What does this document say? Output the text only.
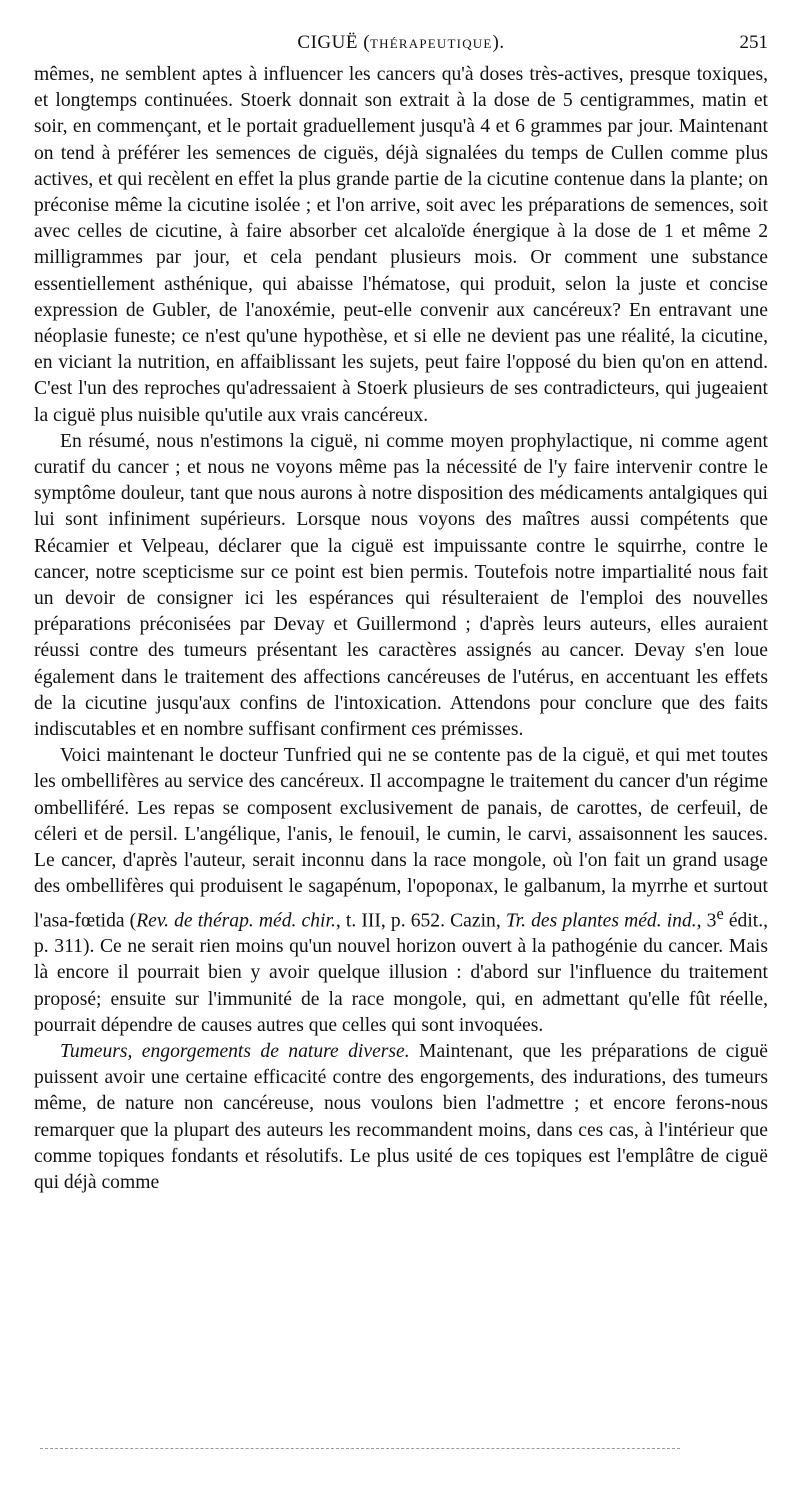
CIGUË (THÉRAPEUTIQUE).	251

mêmes, ne semblent aptes à influencer les cancers qu'à doses très-actives, presque toxiques, et longtemps continuées. Stoerk donnait son extrait à la dose de 5 centigrammes, matin et soir, en commençant, et le portait graduellement jusqu'à 4 et 6 grammes par jour. Maintenant on tend à préférer les semences de ciguës, déjà signalées du temps de Cullen comme plus actives, et qui recèlent en effet la plus grande partie de la cicutine contenue dans la plante; on préconise même la cicutine isolée ; et l'on arrive, soit avec les préparations de semences, soit avec celles de cicutine, à faire absorber cet alcaloïde énergique à la dose de 1 et même 2 milligrammes par jour, et cela pendant plusieurs mois. Or comment une substance essentiellement asthénique, qui abaisse l'hématose, qui produit, selon la juste et concise expression de Gubler, de l'anoxémie, peut-elle convenir aux cancéreux? En entravant une néoplasie funeste; ce n'est qu'une hypothèse, et si elle ne devient pas une réalité, la cicutine, en viciant la nutrition, en affaiblissant les sujets, peut faire l'opposé du bien qu'on en attend. C'est l'un des reproches qu'adressaient à Stoerk plusieurs de ses contradicteurs, qui jugeaient la ciguë plus nuisible qu'utile aux vrais cancéreux.

En résumé, nous n'estimons la ciguë, ni comme moyen prophylactique, ni comme agent curatif du cancer ; et nous ne voyons même pas la nécessité de l'y faire intervenir contre le symptôme douleur, tant que nous aurons à notre disposition des médicaments antalgiques qui lui sont infiniment supérieurs. Lorsque nous voyons des maîtres aussi compétents que Récamier et Velpeau, déclarer que la ciguë est impuissante contre le squirrhe, contre le cancer, notre scepticisme sur ce point est bien permis. Toutefois notre impartialité nous fait un devoir de consigner ici les espérances qui résulteraient de l'emploi des nouvelles préparations préconisées par Devay et Guillermond ; d'après leurs auteurs, elles auraient réussi contre des tumeurs présentant les caractères assignés au cancer. Devay s'en loue également dans le traitement des affections cancéreuses de l'utérus, en accentuant les effets de la cicutine jusqu'aux confins de l'intoxication. Attendons pour conclure que des faits indiscutables et en nombre suffisant confirment ces prémisses.

Voici maintenant le docteur Tunfried qui ne se contente pas de la ciguë, et qui met toutes les ombellifères au service des cancéreux. Il accompagne le traitement du cancer d'un régime ombelliféré. Les repas se composent exclusivement de panais, de carottes, de cerfeuil, de céleri et de persil. L'angélique, l'anis, le fenouil, le cumin, le carvi, assaisonnent les sauces. Le cancer, d'après l'auteur, serait inconnu dans la race mongole, où l'on fait un grand usage des ombellifères qui produisent le sagapénum, l'opoponax, le galbanum, la myrrhe et surtout l'asa-fœtida (Rev. de thérap. méd. chir., t. III, p. 652. Cazin, Tr. des plantes méd. ind., 3e édit., p. 311). Ce ne serait rien moins qu'un nouvel horizon ouvert à la pathogénie du cancer. Mais là encore il pourrait bien y avoir quelque illusion : d'abord sur l'influence du traitement proposé; ensuite sur l'immunité de la race mongole, qui, en admettant qu'elle fût réelle, pourrait dépendre de causes autres que celles qui sont invoquées.

Tumeurs, engorgements de nature diverse. Maintenant, que les préparations de ciguë puissent avoir une certaine efficacité contre des engorgements, des indurations, des tumeurs même, de nature non cancéreuse, nous voulons bien l'admettre ; et encore ferons-nous remarquer que la plupart des auteurs les recommandent moins, dans ces cas, à l'intérieur que comme topiques fondants et résolutifs. Le plus usité de ces topiques est l'emplâtre de ciguë qui déjà comme
